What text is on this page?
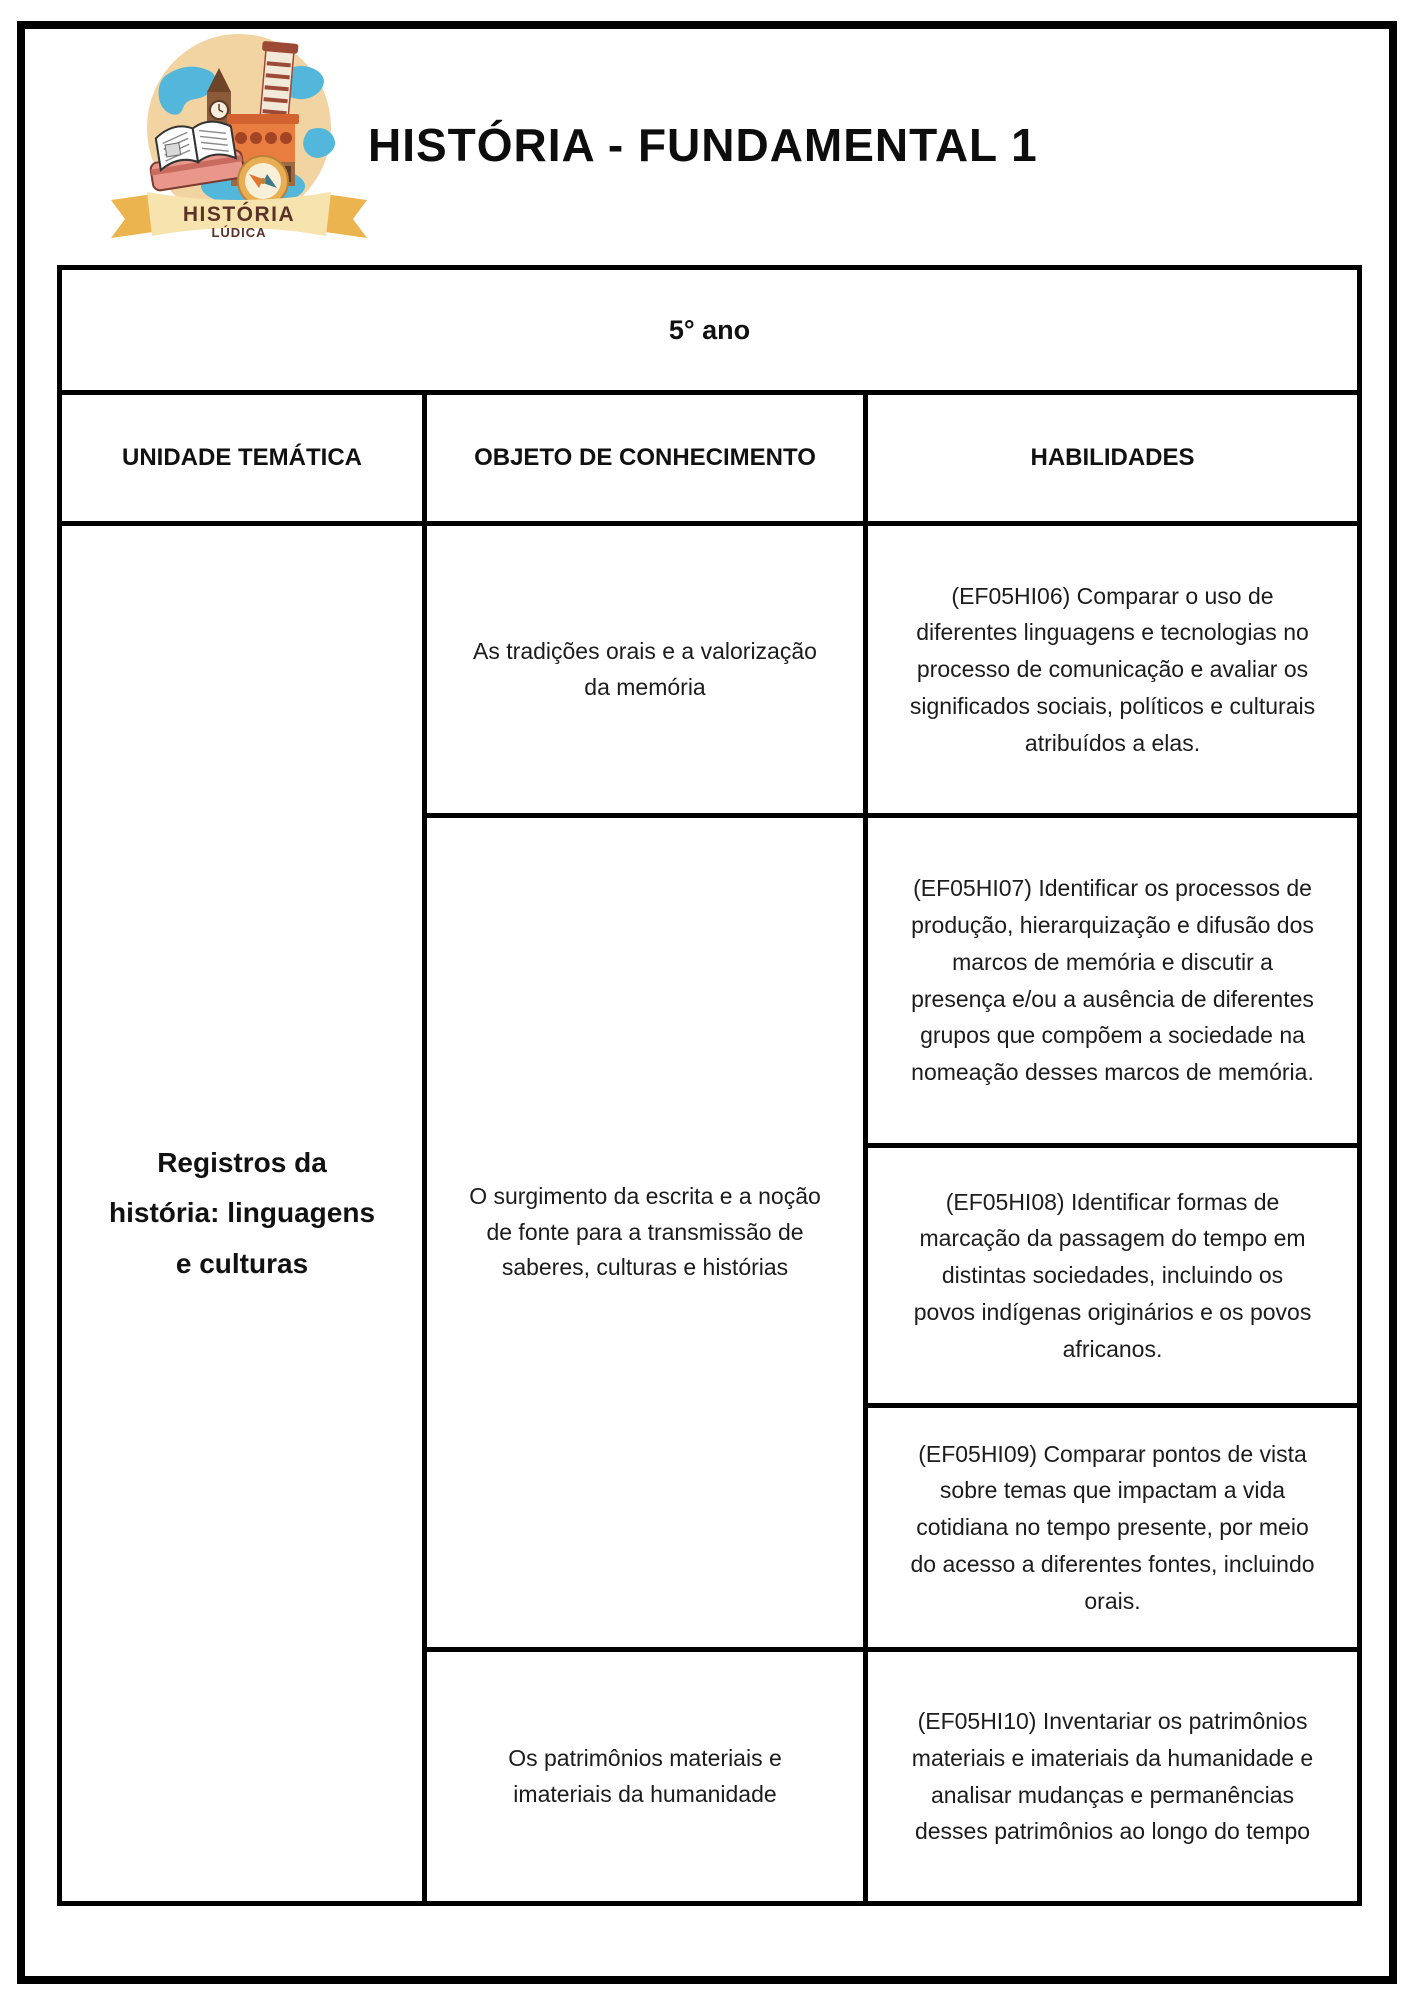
HISTÓRIA
LÚDICA
HISTÓRIA - FUNDAMENTAL 1
5° ano		
UNIDADE TEMÁTICA	OBJETO DE CONHECIMENTO	HABILIDADES
Registros da história: linguagens e culturas	As tradições orais e a valorização da memória	(EF05HI06) Comparar o uso de diferentes linguagens e tecnologias no processo de comunicação e avaliar os significados sociais, políticos e culturais atribuídos a elas.
	O surgimento da escrita e a noção de fonte para a transmissão de saberes, culturas e histórias	(EF05HI07) Identificar os processos de produção, hierarquização e difusão dos marcos de memória e discutir a presença e/ou a ausência de diferentes grupos que compõem a sociedade na nomeação desses marcos de memória.
		(EF05HI08) Identificar formas de marcação da passagem do tempo em distintas sociedades, incluindo os povos indígenas originários e os povos africanos.
		(EF05HI09) Comparar pontos de vista sobre temas que impactam a vida cotidiana no tempo presente, por meio do acesso a diferentes fontes, incluindo orais.
	Os patrimônios materiais e imateriais da humanidade	(EF05HI10) Inventariar os patrimônios materiais e imateriais da humanidade e analisar mudanças e permanências desses patrimônios ao longo do tempo
